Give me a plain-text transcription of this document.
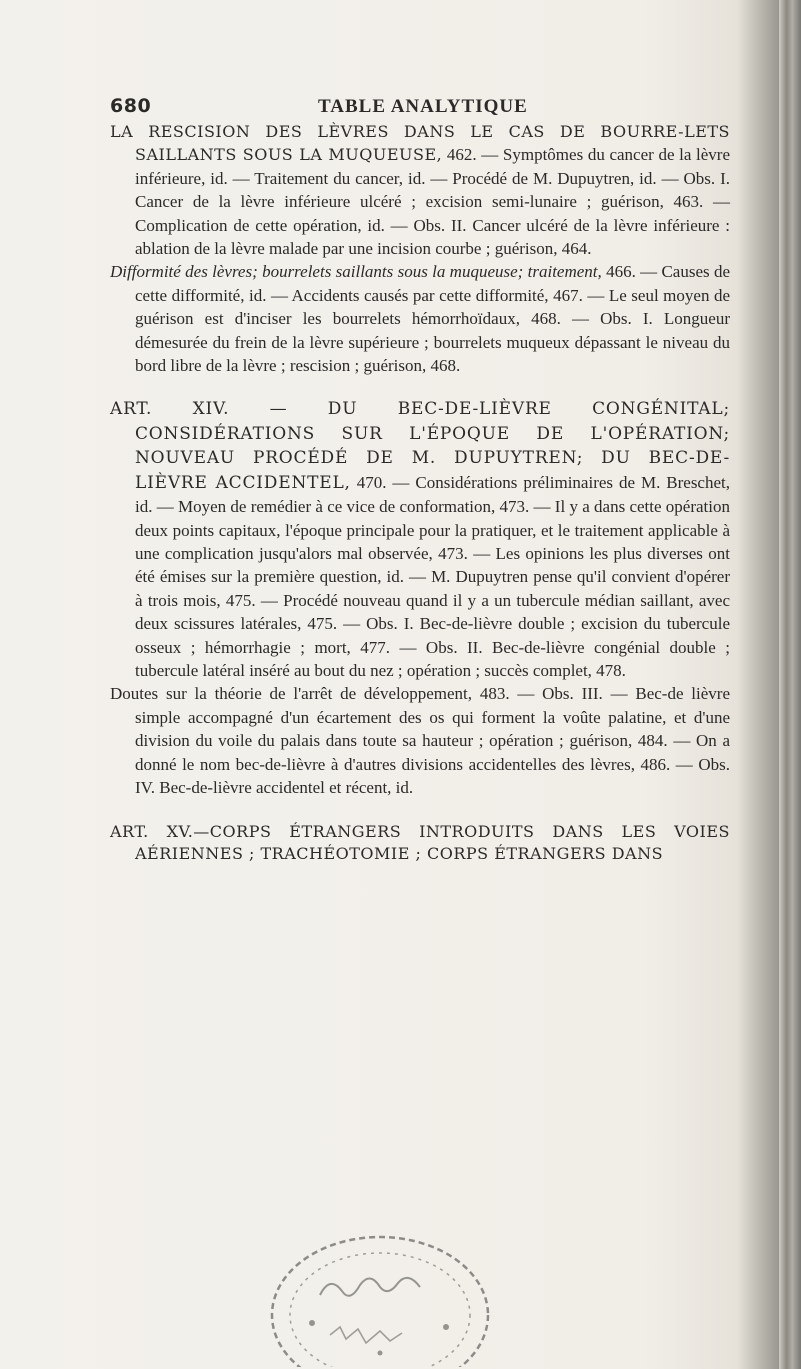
680	TABLE ANALYTIQUE

LA RESCISION DES LÈVRES DANS LE CAS DE BOURRE-LETS SAILLANTS SOUS LA MUQUEUSE, 462. — Symptômes du cancer de la lèvre inférieure, id. — Traitement du cancer, id. — Procédé de M. Dupuytren, id. — Obs. I. Cancer de la lèvre inférieure ulcéré ; excision semi-lunaire ; guérison, 463. — Complication de cette opération, id. — Obs. II. Cancer ulcéré de la lèvre inférieure : ablation de la lèvre malade par une incision courbe ; guérison, 464.

Difformité des lèvres; bourrelets saillants sous la muqueuse; traitement, 466. — Causes de cette difformité, id. — Accidents causés par cette difformité, 467. — Le seul moyen de guérison est d'inciser les bourrelets hémorrhoïdaux, 468. — Obs. I. Longueur démesurée du frein de la lèvre supérieure ; bourrelets muqueux dépassant le niveau du bord libre de la lèvre ; rescision ; guérison, 468.

ART. XIV. — DU BEC-DE-LIÈVRE CONGÉNITAL; CONSIDÉRATIONS SUR L'ÉPOQUE DE L'OPÉRATION; NOUVEAU PROCÉDÉ DE M. DUPUYTREN; DU BEC-DE-LIÈVRE ACCIDENTEL, 470. — Considérations préliminaires de M. Breschet, id. — Moyen de remédier à ce vice de conformation, 473. — Il y a dans cette opération deux points capitaux, l'époque principale pour la pratiquer, et le traitement applicable à une complication jusqu'alors mal observée, 473. — Les opinions les plus diverses ont été émises sur la première question, id. — M. Dupuytren pense qu'il convient d'opérer à trois mois, 475. — Procédé nouveau quand il y a un tubercule médian saillant, avec deux scissures latérales, 475. — Obs. I. Bec-de-lièvre double ; excision du tubercule osseux ; hémorrhagie ; mort, 477. — Obs. II. Bec-de-lièvre congénial double ; tubercule latéral inséré au bout du nez ; opération ; succès complet, 478.

Doutes sur la théorie de l'arrêt de développement, 483. — Obs. III. — Bec-de lièvre simple accompagné d'un écartement des os qui forment la voûte palatine, et d'une division du voile du palais dans toute sa hauteur ; opération ; guérison, 484. — On a donné le nom bec-de-lièvre à d'autres divisions accidentelles des lèvres, 486. — Obs. IV. Bec-de-lièvre accidentel et récent, id.

ART. XV.—CORPS ÉTRANGERS INTRODUITS DANS LES VOIES AÉRIENNES ; TRACHÉOTOMIE ; CORPS ÉTRANGERS DANS
